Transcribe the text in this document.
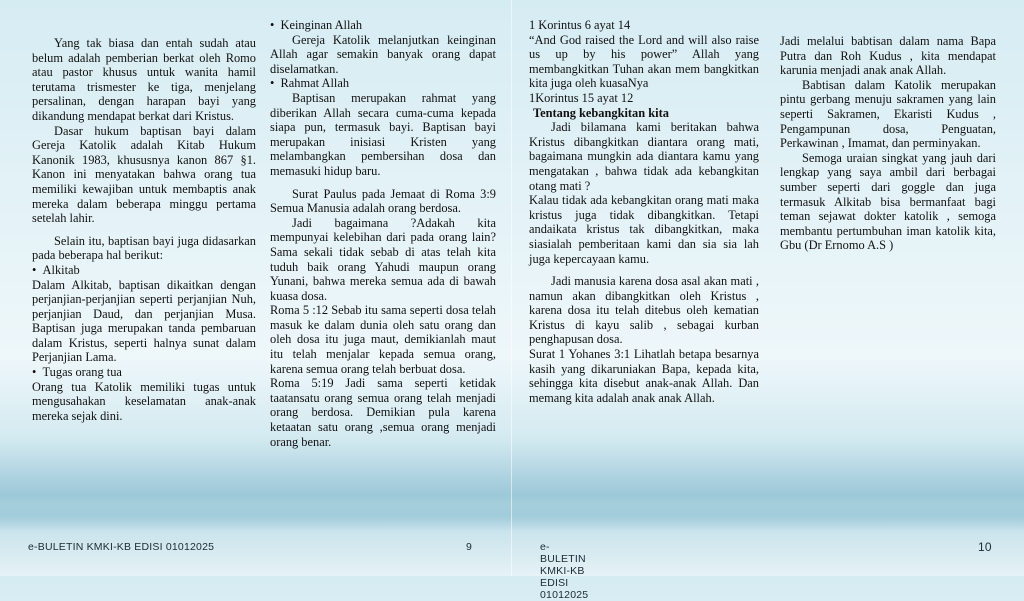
Yang tak biasa dan entah sudah atau belum adalah pemberian berkat oleh Romo atau pastor khusus untuk wanita hamil terutama trismester ke tiga, menjelang persalinan, dengan harapan bayi yang dikandung mendapat berkat dari Kristus.

Dasar hukum baptisan bayi dalam Gereja Katolik adalah Kitab Hukum Kanonik 1983, khususnya kanon 867 §1. Kanon ini menyatakan bahwa orang tua memiliki kewajiban untuk membaptis anak mereka dalam beberapa minggu pertama setelah lahir.

Selain itu, baptisan bayi juga didasarkan pada beberapa hal berikut:

•  Alkitab

Dalam Alkitab, baptisan dikaitkan dengan perjanjian-perjanjian seperti perjanjian Nuh, perjanjian Daud, dan perjanjian Musa. Baptisan juga merupakan tanda pembaruan dalam Kristus, seperti halnya sunat dalam Perjanjian Lama.

•  Tugas orang tua

Orang tua Katolik memiliki tugas untuk mengusahakan keselamatan anak-anak mereka sejak dini.

•  Keinginan Allah

Gereja Katolik melanjutkan keinginan Allah agar semakin banyak orang dapat diselamatkan.

•  Rahmat Allah

Baptisan merupakan rahmat yang diberikan Allah secara cuma-cuma kepada siapa pun, termasuk bayi. Baptisan bayi merupakan inisiasi Kristen yang melambangkan pembersihan dosa dan memasuki hidup baru.

Surat Paulus pada Jemaat di Roma 3:9 Semua Manusia adalah orang berdosa.

Jadi bagaimana ?Adakah kita mempunyai kelebihan dari pada orang lain? Sama sekali tidak sebab di atas telah kita tuduh baik orang Yahudi maupun orang Yunani, bahwa mereka semua ada di bawah kuasa dosa.

Roma 5 :12 Sebab itu sama seperti dosa telah masuk ke dalam dunia oleh satu orang dan oleh dosa itu juga maut, demikianlah maut itu telah menjalar kepada semua orang, karena semua orang telah berbuat dosa.

Roma 5:19 Jadi sama seperti ketidak taatansatu orang semua orang telah menjadi orang berdosa. Demikian pula karena ketaatan satu orang ,semua orang menjadi orang benar.

e-BULETIN KMKI-KB EDISI 01012025	9

1 Korintus 6 ayat 14

“And God raised the Lord and will also raise us up by his power” Allah yang membangkitkan Tuhan akan mem bangkitkan kita juga oleh kuasaNya

1Korintus 15 ayat 12

Tentang kebangkitan kita

Jadi bilamana kami beritakan bahwa Kristus dibangkitkan diantara orang mati, bagaimana mungkin ada diantara kamu yang mengatakan , bahwa tidak ada kebangkitan otang mati ?

Kalau tidak ada kebangkitan orang mati maka kristus juga tidak dibangkitkan. Tetapi andaikata kristus tak dibangkitkan, maka siasialah pemberitaan kami dan sia sia lah juga kepercayaan kamu.

Jadi manusia karena dosa asal akan mati , namun akan dibangkitkan oleh Kristus , karena dosa itu telah ditebus oleh kematian Kristus di kayu salib , sebagai kurban penghapusan dosa.

Surat 1 Yohanes 3:1 Lihatlah betapa besarnya kasih yang dikaruniakan Bapa, kepada kita, sehingga kita disebut anak-anak Allah. Dan memang kita adalah anak anak Allah.

Jadi melalui babtisan dalam nama Bapa Putra dan Roh Kudus , kita mendapat karunia menjadi anak anak Allah.

Babtisan dalam Katolik merupakan pintu gerbang menuju sakramen yang lain seperti Sakramen, Ekaristi Kudus , Pengampunan dosa, Penguatan, Perkawinan , Imamat, dan perminyakan.

Semoga uraian singkat yang jauh dari lengkap yang saya ambil dari berbagai sumber seperti dari goggle dan juga termasuk Alkitab bisa bermanfaat bagi teman sejawat dokter katolik , semoga membantu pertumbuhan iman katolik kita, Gbu (Dr Ernomo A.S )

e-BULETIN KMKI-KB EDISI 01012025
10
